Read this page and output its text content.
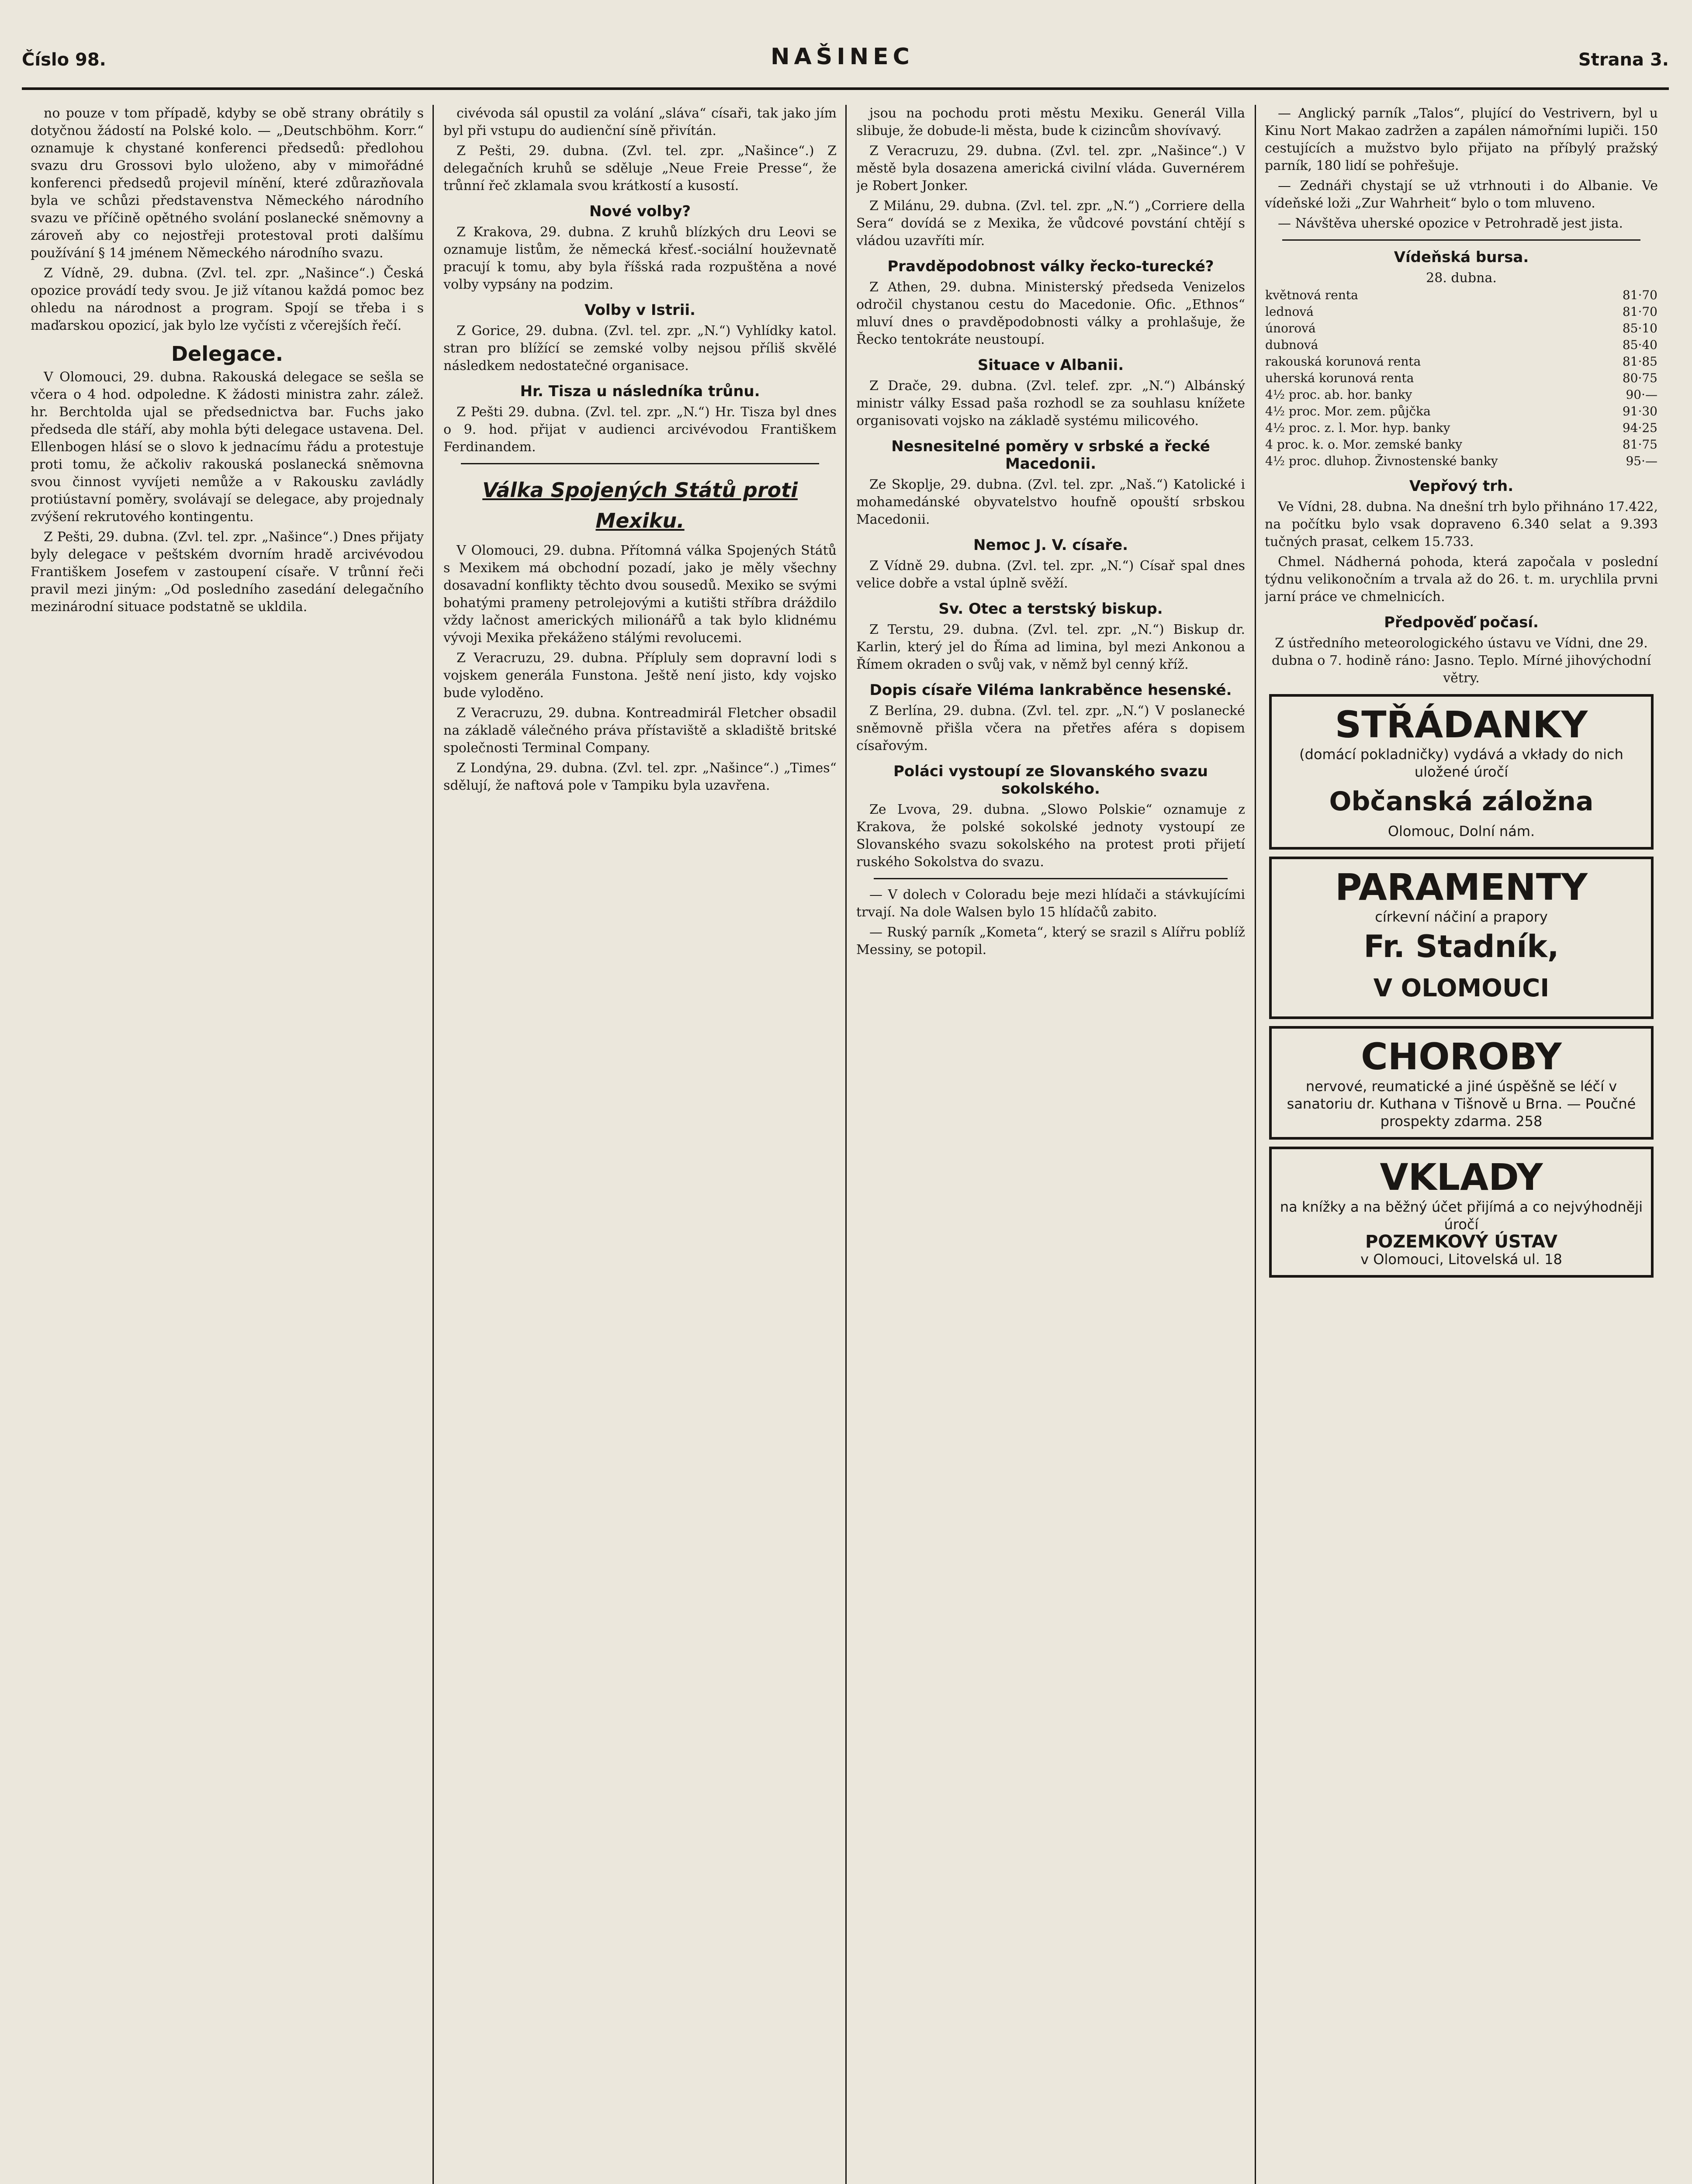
Číslo 98.	NAŠINEC	Strana 3.

no pouze v tom případě, kdyby se obě strany obrátily s dotyčnou žádostí na Polské kolo. — „Deutschböhm. Korr.“ oznamuje k chystané konferenci předsedů: předlohou svazu dru Grossovi bylo uloženo, aby v mimořádné konferenci předsedů projevil mínění, které zdůrazňovala byla ve schůzi představenstva Německého národního svazu ve příčině opětného svolání poslanecké sněmovny a zároveň aby co nejostřeji protestoval proti dalšímu používání § 14 jménem Německého národního svazu.

Z Vídně, 29. dubna. (Zvl. tel. zpr. „Našince“.) Česká opozice provádí tedy svou. Je již vítanou každá pomoc bez ohledu na národnost a program. Spojí se třeba i s maďarskou opozicí, jak bylo lze vyčísti z včerejších řečí.

Delegace.

V Olomouci, 29. dubna. Rakouská delegace se sešla se včera o 4 hod. odpoledne. K žádosti ministra zahr. zálež. hr. Berchtolda ujal se předsednictva bar. Fuchs jako předseda dle stáří, aby mohla býti delegace ustavena. Del. Ellenbogen hlásí se o slovo k jednacímu řádu a protestuje proti tomu, že ačkoliv rakouská poslanecká sněmovna svou činnost vyvíjeti nemůže a v Rakousku zavládly protiústavní poměry, svolávají se delegace, aby projednaly zvýšení rekrutového kontingentu.

Z Pešti, 29. dubna. (Zvl. tel. zpr. „Našince“.) Dnes přijaty byly delegace v peštském dvorním hradě arcivévodou Františkem Josefem v zastoupení císaře. V trůnní řeči pravil mezi jiným: „Od posledního zasedání delegačního mezinárodní situace podstatně se ukldila.

civévoda sál opustil za volání „sláva“ císaři, tak jako jím byl při vstupu do audienční síně přivítán.

Z Pešti, 29. dubna. (Zvl. tel. zpr. „Našince“.) Z delegačních kruhů se sděluje „Neue Freie Presse“, že trůnní řeč zklamala svou krátkostí a kusostí.

Nové volby?

Z Krakova, 29. dubna. Z kruhů blízkých dru Leovi se oznamuje listům, že německá křesť.-sociální houževnatě pracují k tomu, aby byla říšská rada rozpuštěna a nové volby vypsány na podzim.

Volby v Istrii.

Z Gorice, 29. dubna. (Zvl. tel. zpr. „N.“) Vyhlídky katol. stran pro blížící se zemské volby nejsou příliš skvělé následkem nedostatečné organisace.

Hr. Tisza u následníka trůnu.

Z Pešti 29. dubna. (Zvl. tel. zpr. „N.“) Hr. Tisza byl dnes o 9. hod. přijat v audienci arcivévodou Františkem Ferdinandem.

Válka Spojených Států proti Mexiku.

V Olomouci, 29. dubna. Přítomná válka Spojených Států s Mexikem má obchodní pozadí, jako je měly všechny dosavadní konflikty těchto dvou sousedů. Mexiko se svými bohatými prameny petrolejovými a kutišti stříbra dráždilo vždy lačnost amerických milionářů a tak bylo klidnému vývoji Mexika překáženo stálými revolucemi.

Z Veracruzu, 29. dubna. Přípluly sem dopravní lodi s vojskem generála Funstona. Ještě není jisto, kdy vojsko bude vyloděno.

Z Veracruzu, 29. dubna. Kontreadmirál Fletcher obsadil na základě válečného práva přístaviště a skladiště britské společnosti Terminal Company.

Z Londýna, 29. dubna. (Zvl. tel. zpr. „Našince“.) „Times“ sdělují, že naftová pole v Tampiku byla uzavřena.

jsou na pochodu proti městu Mexiku. Generál Villa slibuje, že dobude-li města, bude k cizincům shovívavý.

Z Veracruzu, 29. dubna. (Zvl. tel. zpr. „Našince“.) V městě byla dosazena americká civilní vláda. Guvernérem je Robert Jonker.

Z Milánu, 29. dubna. (Zvl. tel. zpr. „N.“) „Corriere della Sera“ dovídá se z Mexika, že vůdcové povstání chtějí s vládou uzavříti mír.

Pravděpodobnost války řecko-turecké?

Z Athen, 29. dubna. Ministerský předseda Venizelos odročil chystanou cestu do Macedonie. Ofic. „Ethnos“ mluví dnes o pravděpodobnosti války a prohlašuje, že Řecko tentokráte neustoupí.

Situace v Albanii.

Z Drače, 29. dubna. (Zvl. telef. zpr. „N.“) Albánský ministr války Essad paša rozhodl se za souhlasu knížete organisovati vojsko na základě systému milicového.

Nesnesitelné poměry v srbské a řecké Macedonii.

Ze Skoplje, 29. dubna. (Zvl. tel. zpr. „Naš.“) Katolické i mohamedánské obyvatelstvo houfně opouští srbskou Macedonii.

Nemoc J. V. císaře.

Z Vídně 29. dubna. (Zvl. tel. zpr. „N.“) Císař spal dnes velice dobře a vstal úplně svěží.

Sv. Otec a terstský biskup.

Z Terstu, 29. dubna. (Zvl. tel. zpr. „N.“) Biskup dr. Karlin, který jel do Říma ad limina, byl mezi Ankonou a Římem okraden o svůj vak, v němž byl cenný kříž.

Dopis císaře Viléma lankraběnce hesenské.

Z Berlína, 29. dubna. (Zvl. tel. zpr. „N.“) V poslanecké sněmovně přišla včera na přetřes aféra s dopisem císařovým.

Poláci vystoupí ze Slovanského svazu sokolského.

Ze Lvova, 29. dubna. „Slowo Polskie“ oznamuje z Krakova, že polské sokolské jednoty vystoupí ze Slovanského svazu sokolského na protest proti přijetí ruského Sokolstva do svazu.

— V dolech v Coloradu beje mezi hlídači a stávkujícími trvají. Na dole Walsen bylo 15 hlídačů zabito.

— Ruský parník „Kometa“, který se srazil s Alířru poblíž Messiny, se potopil.

— Anglický parník „Talos“, plující do Vestrivern, byl u Kinu Nort Makao zadržen a zapálen námořními lupiči. 150 cestujících a mužstvo bylo přijato na příbylý pražský parník, 180 lidí se pohřešuje.

— Zednáři chystají se už vtrhnouti i do Albanie. Ve vídeňské loži „Zur Wahrheit“ bylo o tom mluveno.

— Návštěva uherské opozice v Petrohradě jest jista.

Vídeňská bursa.
28. dubna.
květnová renta	81·70
lednová	81·70
únorová	85·10
dubnová	85·40
rakouská korunová renta	81·85
uherská korunová renta	80·75
4½ proc. ab. hor. banky	90·—
4½ proc. Mor. zem. půjčka	91·30
4½ proc. z. l. Mor. hyp. banky	94·25
4 proc. k. o. Mor. zemské banky	81·75
4½ proc. dluhop. Živnostenské banky	95·—
Vepřový trh.

Ve Vídni, 28. dubna. Na dnešní trh bylo přihnáno 17.422, na počítku bylo vsak dopraveno 6.340 selat a 9.393 tučných prasat, celkem 15.733.

Chmel. Nádherná pohoda, která započala v poslední týdnu velikonočním a trvala až do 26. t. m. urychlila prvni jarní práce ve chmelnicích.

Předpověď počasí.

Z ústředního meteorologického ústavu ve Vídni, dne 29. dubna o 7. hodině ráno: Jasno. Teplo. Mírné jihovýchodní větry.

STŘÁDANKY
(domácí pokladničky) vydává a vkłady do nich uložené úročí
Občanská záložna
Olomouc, Dolní nám.
PARAMENTY
církevní náčiní a prapory
Fr. Stadník,
V OLOMOUCI
CHOROBY
nervové, reumatické a jiné úspěšně se léčí v sanatoriu dr. Kuthana v Tišnově u Brna. — Poučné prospekty zdarma. 258
VKLADY
na knížky a na běžný účet přijímá a co nejvýhodněji úročí
POZEMKOVÝ ÚSTAV
v Olomouci, Litovelská ul. 18
